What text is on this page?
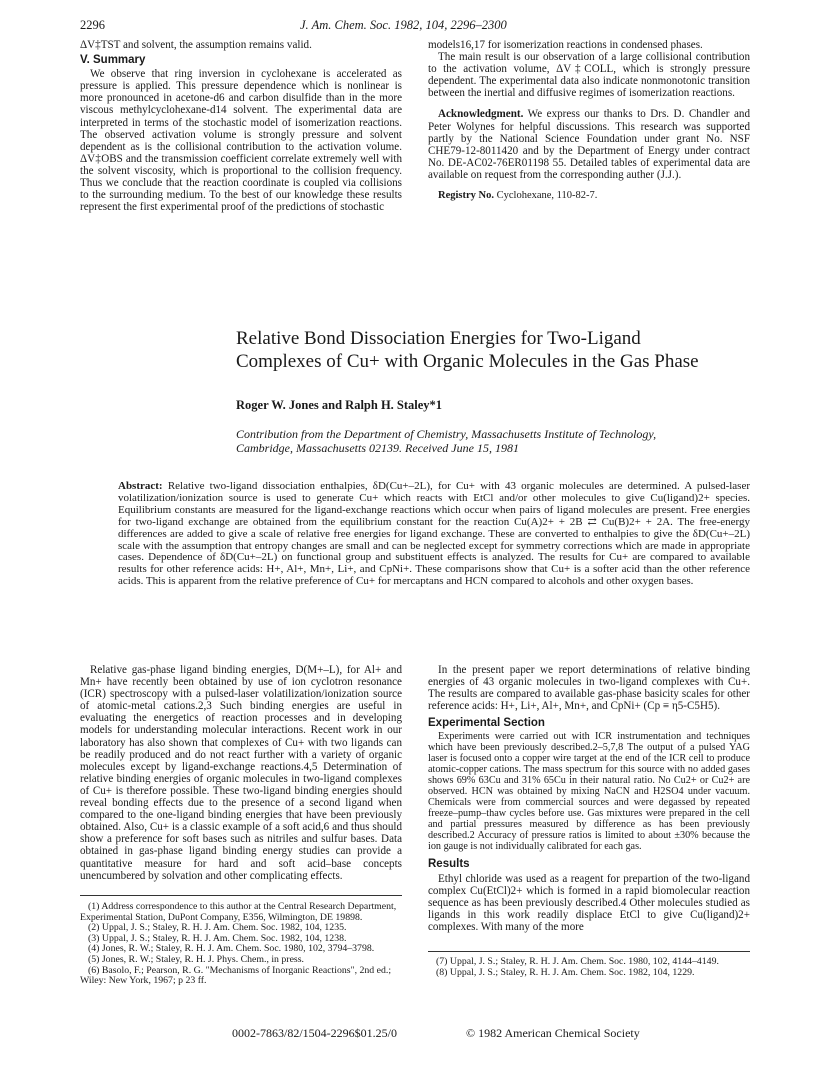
2296	J. Am. Chem. Soc. 1982, 104, 2296–2300

ΔV‡TST and solvent, the assumption remains valid.

V. Summary

We observe that ring inversion in cyclohexane is accelerated as pressure is applied. This pressure dependence which is nonlinear is more pronounced in acetone-d6 and carbon disulfide than in the more viscous methylcyclohexane-d14 solvent. The experimental data are interpreted in terms of the stochastic model of isomerization reactions. The observed activation volume is strongly pressure and solvent dependent as is the collisional contribution to the activation volume. ΔV‡OBS and the transmission coefficient correlate extremely well with the solvent viscosity, which is proportional to the collision frequency. Thus we conclude that the reaction coordinate is coupled via collisions to the surrounding medium. To the best of our knowledge these results represent the first experimental proof of the predictions of stochastic

models16,17 for isomerization reactions in condensed phases.

The main result is our observation of a large collisional contribution to the activation volume, ΔV‡COLL, which is strongly pressure dependent. The experimental data also indicate nonmonotonic transition between the inertial and diffusive regimes of isomerization reactions.

Acknowledgment. We express our thanks to Drs. D. Chandler and Peter Wolynes for helpful discussions. This research was supported partly by the National Science Foundation under grant No. NSF CHE79-12-8011420 and by the Department of Energy under contract No. DE-AC02-76ER01198 55. Detailed tables of experimental data are available on request from the corresponding auther (J.J.).

Registry No. Cyclohexane, 110-82-7.

Relative Bond Dissociation Energies for Two-Ligand
Complexes of Cu+ with Organic Molecules in the Gas Phase
Roger W. Jones and Ralph H. Staley*1
Contribution from the Department of Chemistry, Massachusetts Institute of Technology,
Cambridge, Massachusetts 02139. Received June 15, 1981
Abstract: Relative two-ligand dissociation enthalpies, δD(Cu+–2L), for Cu+ with 43 organic molecules are determined. A pulsed-laser volatilization/ionization source is used to generate Cu+ which reacts with EtCl and/or other molecules to give Cu(ligand)2+ species. Equilibrium constants are measured for the ligand-exchange reactions which occur when pairs of ligand molecules are present. Free energies for two-ligand exchange are obtained from the equilibrium constant for the reaction Cu(A)2+ + 2B ⇄ Cu(B)2+ + 2A. The free-energy differences are added to give a scale of relative free energies for ligand exchange. These are converted to enthalpies to give the δD(Cu+–2L) scale with the assumption that entropy changes are small and can be neglected except for symmetry corrections which are made in appropriate cases. Dependence of δD(Cu+–2L) on functional group and substituent effects is analyzed. The results for Cu+ are compared to available results for other reference acids: H+, Al+, Mn+, Li+, and CpNi+. These comparisons show that Cu+ is a softer acid than the other reference acids. This is apparent from the relative preference of Cu+ for mercaptans and HCN compared to alcohols and other oxygen bases.

Relative gas-phase ligand binding energies, D(M+–L), for Al+ and Mn+ have recently been obtained by use of ion cyclotron resonance (ICR) spectroscopy with a pulsed-laser volatilization/ionization source of atomic-metal cations.2,3 Such binding energies are useful in evaluating the energetics of reaction processes and in developing models for understanding molecular interactions. Recent work in our laboratory has also shown that complexes of Cu+ with two ligands can be readily produced and do not react further with a variety of organic molecules except by ligand-exchange reactions.4,5 Determination of relative binding energies of organic molecules in two-ligand complexes of Cu+ is therefore possible. These two-ligand binding energies should reveal bonding effects due to the presence of a second ligand when compared to the one-ligand binding energies that have been previously obtained. Also, Cu+ is a classic example of a soft acid,6 and thus should show a preference for soft bases such as nitriles and sulfur bases. Data obtained in gas-phase ligand binding energy studies can provide a quantitative measure for hard and soft acid–base concepts unencumbered by solvation and other complicating effects.

(1) Address correspondence to this author at the Central Research Department, Experimental Station, DuPont Company, E356, Wilmington, DE 19898.
(2) Uppal, J. S.; Staley, R. H. J. Am. Chem. Soc. 1982, 104, 1235.
(3) Uppal, J. S.; Staley, R. H. J. Am. Chem. Soc. 1982, 104, 1238.
(4) Jones, R. W.; Staley, R. H. J. Am. Chem. Soc. 1980, 102, 3794–3798.
(5) Jones, R. W.; Staley, R. H. J. Phys. Chem., in press.
(6) Basolo, F.; Pearson, R. G. "Mechanisms of Inorganic Reactions", 2nd ed.; Wiley: New York, 1967; p 23 ff.

In the present paper we report determinations of relative binding energies of 43 organic molecules in two-ligand complexes with Cu+. The results are compared to available gas-phase basicity scales for other reference acids: H+, Li+, Al+, Mn+, and CpNi+ (Cp ≡ η5-C5H5).

Experimental Section

Experiments were carried out with ICR instrumentation and techniques which have been previously described.2–5,7,8 The output of a pulsed YAG laser is focused onto a copper wire target at the end of the ICR cell to produce atomic-copper cations. The mass spectrum for this source with no added gases shows 69% 63Cu and 31% 65Cu in their natural ratio. No Cu2+ or Cu2+ are observed. HCN was obtained by mixing NaCN and H2SO4 under vacuum. Chemicals were from commercial sources and were degassed by repeated freeze–pump–thaw cycles before use. Gas mixtures were prepared in the cell and partial pressures measured by difference as has been previously described.2 Accuracy of pressure ratios is limited to about ±30% because the ion gauge is not individually calibrated for each gas.

Results

Ethyl chloride was used as a reagent for prepartion of the two-ligand complex Cu(EtCl)2+ which is formed in a rapid biomolecular reaction sequence as has been previously described.4 Other molecules studied as ligands in this work readily displace EtCl to give Cu(ligand)2+ complexes. With many of the more

(7) Uppal, J. S.; Staley, R. H. J. Am. Chem. Soc. 1980, 102, 4144–4149.
(8) Uppal, J. S.; Staley, R. H. J. Am. Chem. Soc. 1982, 104, 1229.
0002-7863/82/1504-2296$01.25/0	© 1982 American Chemical Society
